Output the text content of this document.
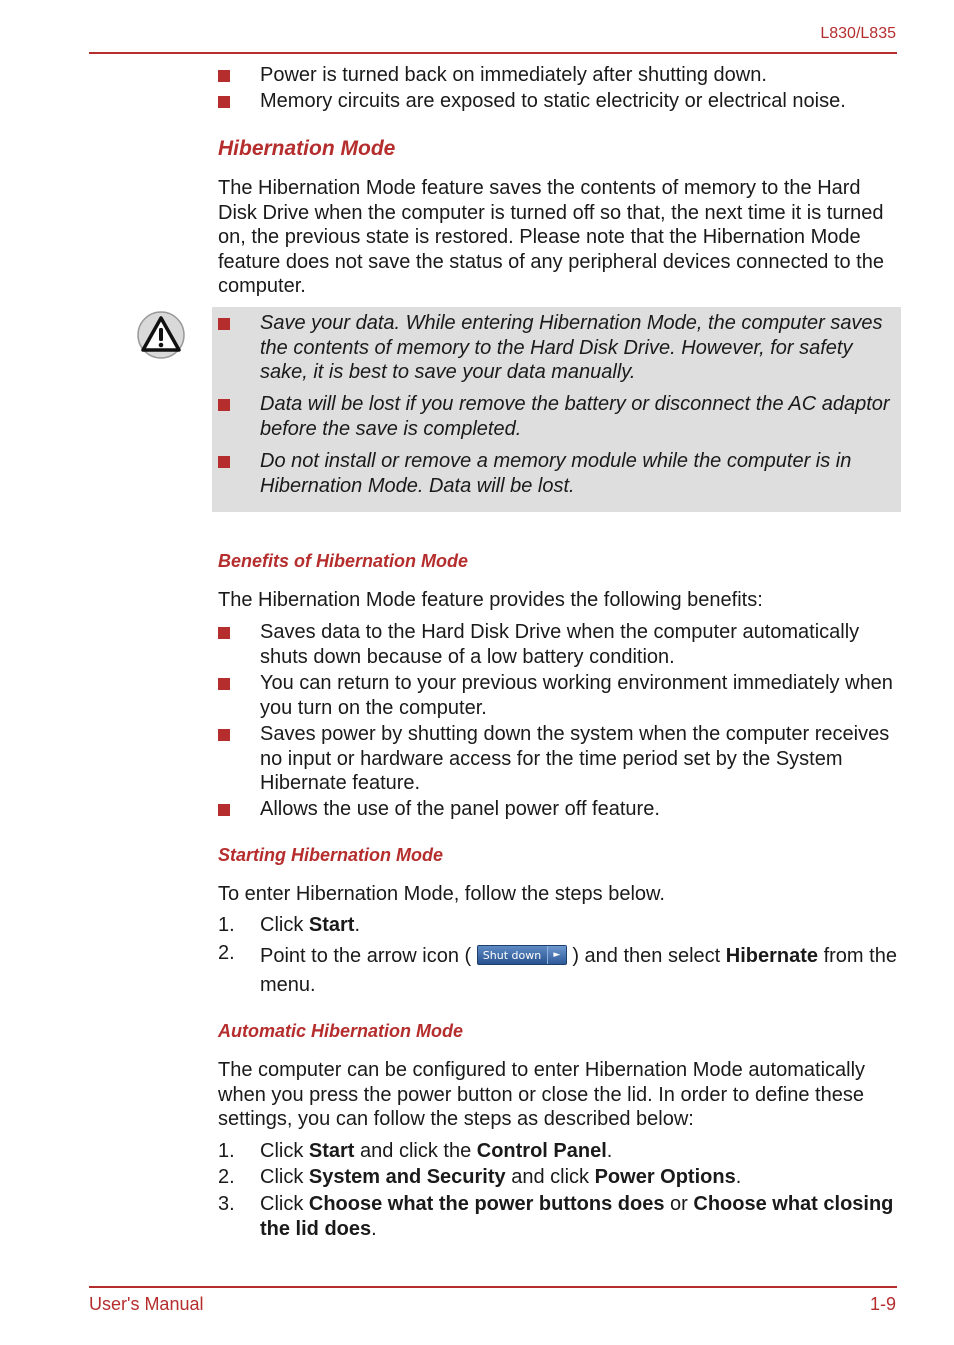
L830/L835
Power is turned back on immediately after shutting down.
Memory circuits are exposed to static electricity or electrical noise.
Hibernation Mode
The Hibernation Mode feature saves the contents of memory to the Hard Disk Drive when the computer is turned off so that, the next time it is turned on, the previous state is restored. Please note that the Hibernation Mode feature does not save the status of any peripheral devices connected to the computer.
Save your data. While entering Hibernation Mode, the computer saves the contents of memory to the Hard Disk Drive. However, for safety sake, it is best to save your data manually.
Data will be lost if you remove the battery or disconnect the AC adaptor before the save is completed.
Do not install or remove a memory module while the computer is in Hibernation Mode. Data will be lost.
Benefits of Hibernation Mode
The Hibernation Mode feature provides the following benefits:
Saves data to the Hard Disk Drive when the computer automatically shuts down because of a low battery condition.
You can return to your previous working environment immediately when you turn on the computer.
Saves power by shutting down the system when the computer receives no input or hardware access for the time period set by the System Hibernate feature.
Allows the use of the panel power off feature.
Starting Hibernation Mode
To enter Hibernation Mode, follow the steps below.
1. Click Start.
2. Point to the arrow icon ( Shut down	► ) and then select Hibernate from the menu.
Automatic Hibernation Mode
The computer can be configured to enter Hibernation Mode automatically when you press the power button or close the lid. In order to define these settings, you can follow the steps as described below:
1. Click Start and click the Control Panel.
2. Click System and Security and click Power Options.
3. Click Choose what the power buttons does or Choose what closing the lid does.
User's Manual	1-9
